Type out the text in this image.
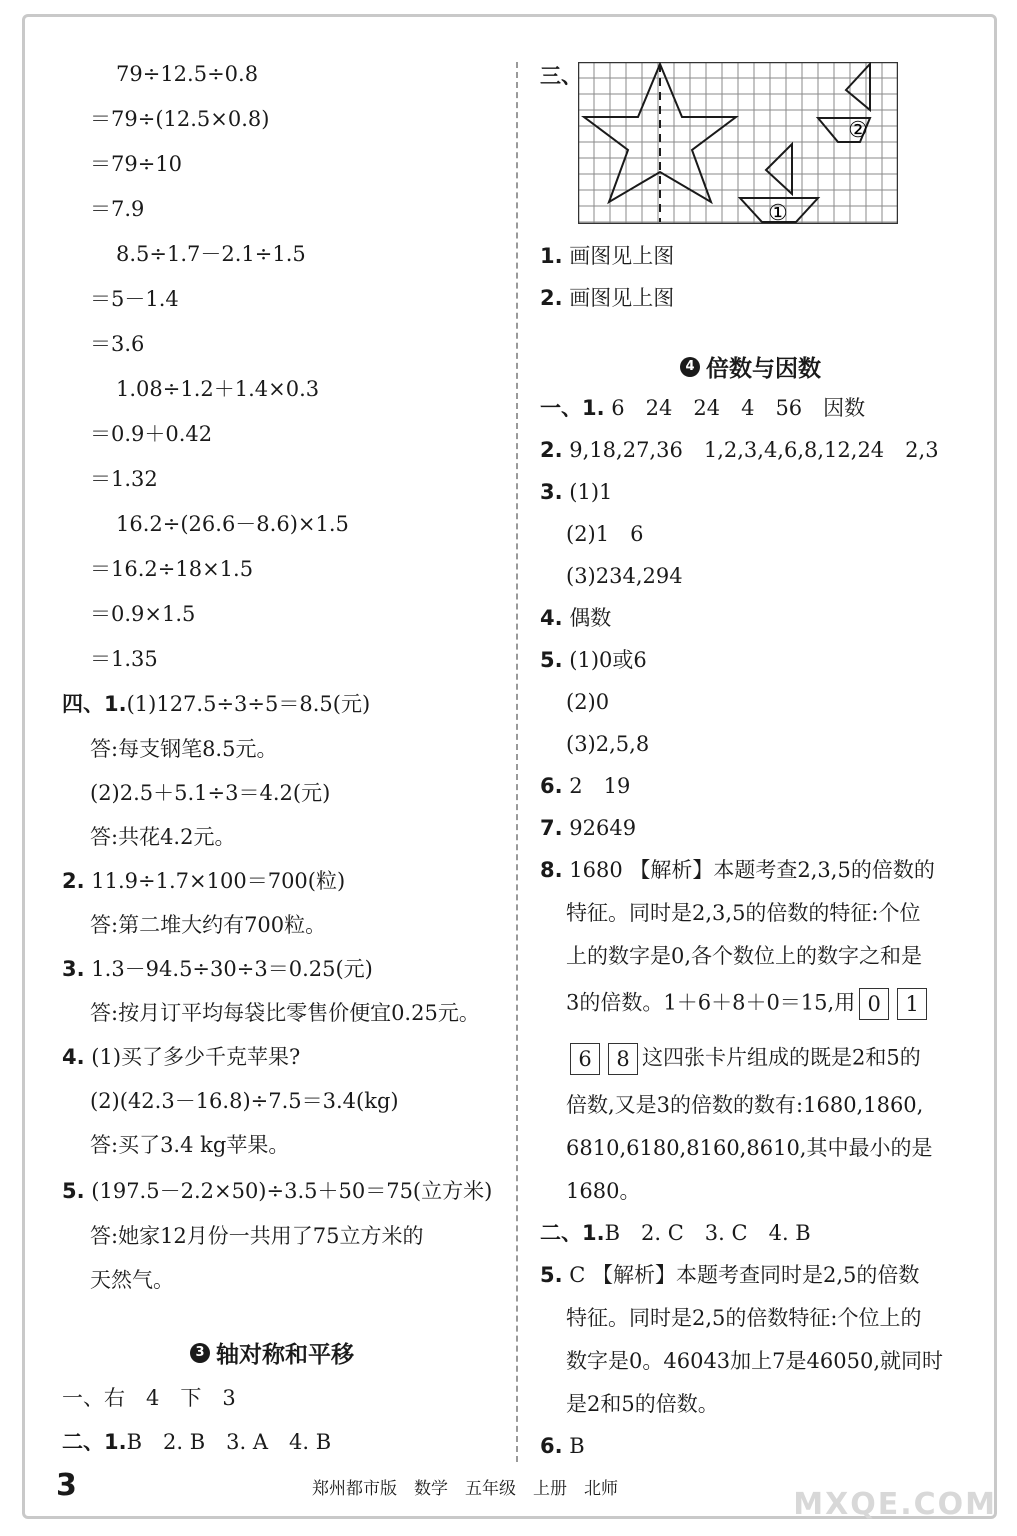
79÷12.5÷0.8
＝79÷(12.5×0.8)
＝79÷10
＝7.9
8.5÷1.7－2.1÷1.5
＝5－1.4
＝3.6
1.08÷1.2＋1.4×0.3
＝0.9＋0.42
＝1.32
16.2÷(26.6－8.6)×1.5
＝16.2÷18×1.5
＝0.9×1.5
＝1.35
四、1.(1)127.5÷3÷5＝8.5(元)
答:每支钢笔8.5元。
(2)2.5＋5.1÷3＝4.2(元)
答:共花4.2元。
2. 11.9÷1.7×100＝700(粒)
答:第二堆大约有700粒。
3. 1.3－94.5÷30÷3＝0.25(元)
答:按月订平均每袋比零售价便宜0.25元。
4. (1)买了多少千克苹果?
(2)(42.3－16.8)÷7.5＝3.4(kg)
答:买了3.4 kg苹果。
5. (197.5－2.2×50)÷3.5＋50＝75(立方米)
答:她家12月份一共用了75立方米的
天然气。
3 轴对称和平移
一、右　4　下　3
二、1.B　2. B　3. A　4. B
三、
②
①
1. 画图见上图
2. 画图见上图
4 倍数与因数
一、1. 6　24　24　4　56　因数
2. 9,18,27,36　1,2,3,4,6,8,12,24　2,3
3. (1)1
(2)1　6
(3)234,294
4. 偶数
5. (1)0或6
(2)0
(3)2,5,8
6. 2　19
7. 92649
8. 1680 【解析】本题考查2,3,5的倍数的
特征。同时是2,3,5的倍数的特征:个位
上的数字是0,各个数位上的数字之和是
3的倍数。1＋6＋8＋0＝15,用 0 1
6 8 这四张卡片组成的既是2和5的
倍数,又是3的倍数的数有:1680,1860,
6810,6180,8160,8610,其中最小的是
1680。
二、1.B　2. C　3. C　4. B
5. C 【解析】本题考查同时是2,5的倍数
特征。同时是2,5的倍数特征:个位上的
数字是0。46043加上7是46050,就同时
是2和5的倍数。
6. B
3	郑州都市版　数学　五年级　上册　北师	MXQE.COM
